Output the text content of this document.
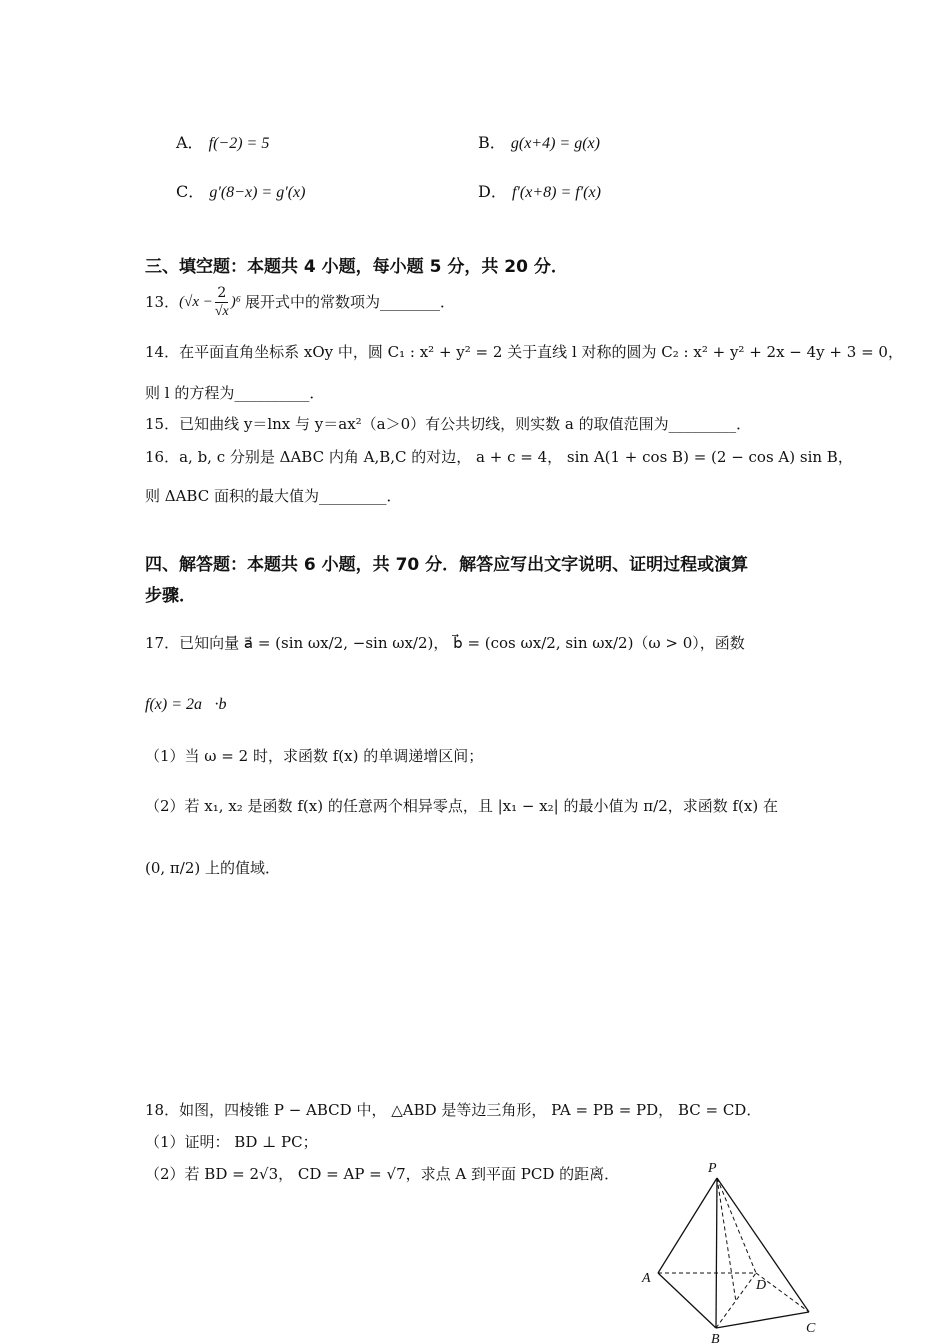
A． f(−2) = 5	B． g(x+4) = g(x)
C． g′(8−x) = g′(x)	D． f′(x+8) = f′(x)
三、填空题：本题共 4 小题，每小题 5 分，共 20 分．
13． $(√x - \frac{2}{√x} )^6$ 展开式中的常数项为________．
14．在平面直角坐标系 xOy 中，圆 C₁ : x² + y² = 2 关于直线 l 对称的圆为 C₂ : x² + y² + 2x − 4y + 3 = 0，
则 l 的方程为__________．
15．已知曲线 y＝lnx 与 y＝ax²（a＞0）有公共切线，则实数 a 的取值范围为_________．
16．a, b, c 分别是 ΔABC 内角 A,B,C 的对边， a + c = 4， sin A(1 + cos B) = (2 − cos A) sin B，
则 ΔABC 面积的最大值为_________．
四、解答题：本题共 6 小题，共 70 分．解答应写出文字说明、证明过程或演算
步骤．
17．已知向量 a⃗ = (sin ωx/2, −sin ωx/2)， b⃗ = (cos ωx/2, sin ωx/2)（ω > 0），函数
f(x) = 2a⃗·b⃗．
（1）当 ω = 2 时，求函数 f(x) 的单调递增区间；
（2）若 x₁, x₂ 是函数 f(x) 的任意两个相异零点，且 |x₁ − x₂| 的最小值为 π/2，求函数 f(x) 在
(0, π/2) 上的值域．
18．如图，四棱锥 P − ABCD 中， △ABD 是等边三角形， PA = PB = PD， BC = CD．
（1）证明： BD ⊥ PC；
（2）若 BD = 2√3， CD = AP = √7，求点 A 到平面 PCD 的距离．	P
A
B
C
D
